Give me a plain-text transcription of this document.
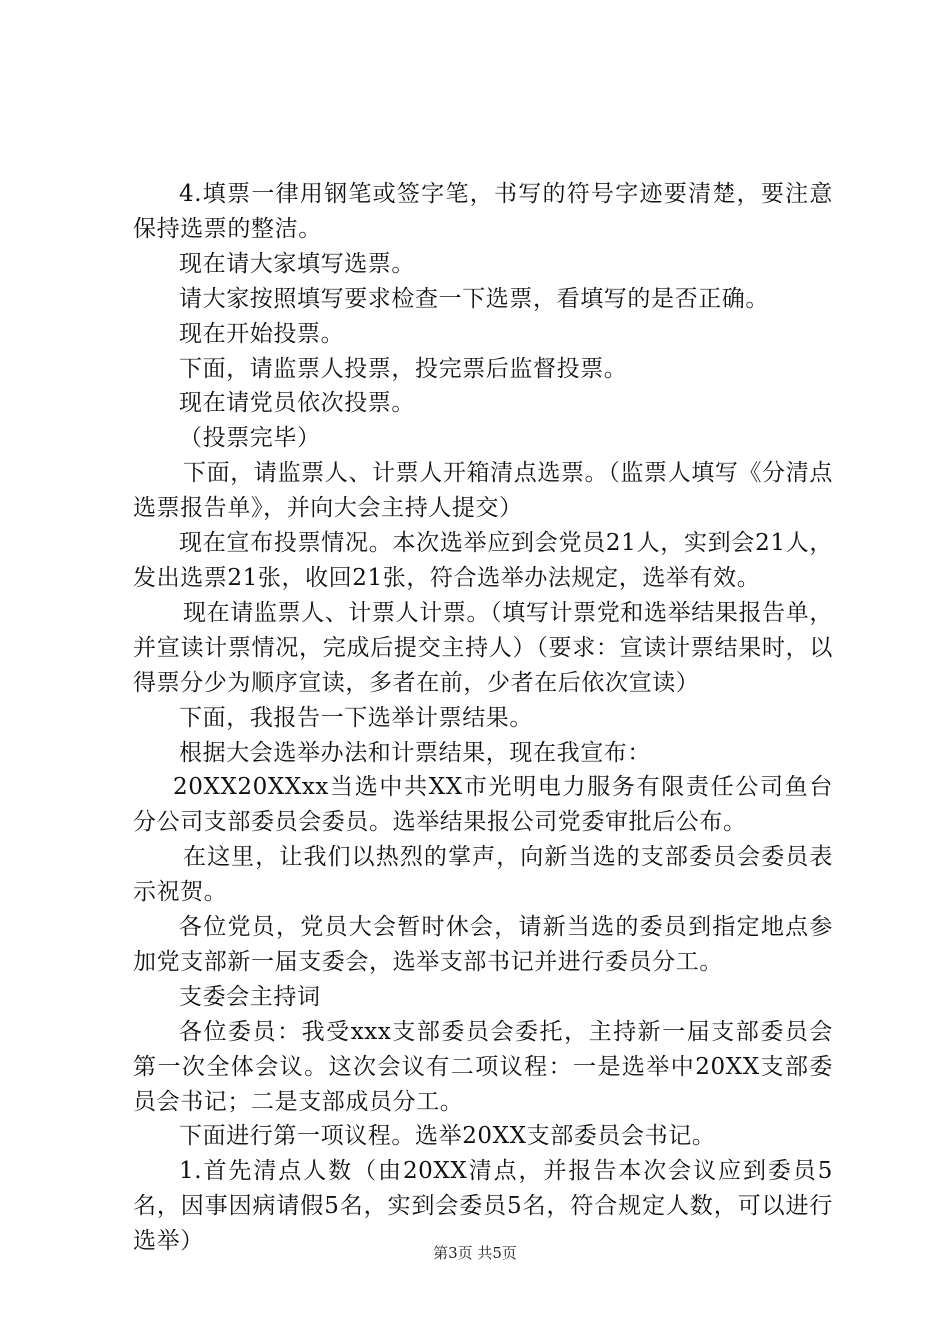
4.填票一律用钢笔或签字笔，书写的符号字迹要清楚，要注意保持选票的整洁。

现在请大家填写选票。

请大家按照填写要求检查一下选票，看填写的是否正确。

现在开始投票。

下面，请监票人投票，投完票后监督投票。

现在请党员依次投票。

（投票完毕）

下面，请监票人、计票人开箱清点选票。（监票人填写《分清点选票报告单》，并向大会主持人提交）

现在宣布投票情况。本次选举应到会党员21人，实到会21人，发出选票21张，收回21张，符合选举办法规定，选举有效。

现在请监票人、计票人计票。（填写计票党和选举结果报告单，并宣读计票情况，完成后提交主持人）（要求：宣读计票结果时，以得票分少为顺序宣读，多者在前，少者在后依次宣读）

下面，我报告一下选举计票结果。

根据大会选举办法和计票结果，现在我宣布：

20XX20XXxx当选中共XX市光明电力服务有限责任公司鱼台分公司支部委员会委员。选举结果报公司党委审批后公布。

在这里，让我们以热烈的掌声，向新当选的支部委员会委员表示祝贺。

各位党员，党员大会暂时休会，请新当选的委员到指定地点参加党支部新一届支委会，选举支部书记并进行委员分工。

支委会主持词

各位委员：我受xxx支部委员会委托，主持新一届支部委员会第一次全体会议。这次会议有二项议程：一是选举中20XX支部委员会书记；二是支部成员分工。

下面进行第一项议程。选举20XX支部委员会书记。

1.首先清点人数（由20XX清点，并报告本次会议应到委员5名，因事因病请假5名，实到会委员5名，符合规定人数，可以进行选举）	第3页 共5页
